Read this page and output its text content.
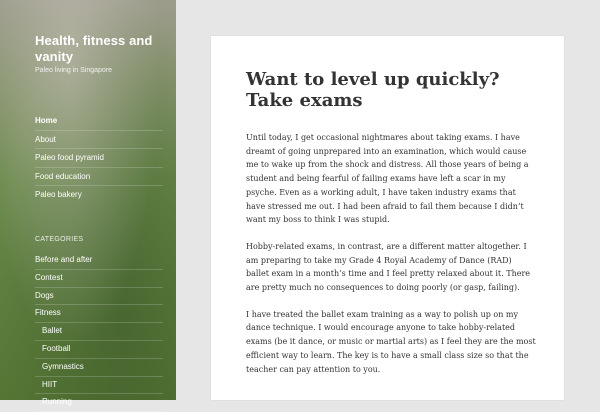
Health, fitness and vanity
Paleo living in Singapore
Home
About
Paleo food pyramid
Food education
Paleo bakery
CATEGORIES
Before and after
Contest
Dogs
Fitness
Ballet
Football
Gymnastics
HIIT
Running
Want to level up quickly? Take exams

Until today, I get occasional nightmares about taking exams. I have dreamt of going unprepared into an examination, which would cause me to wake up from the shock and distress. All those years of being a student and being fearful of failing exams have left a scar in my psyche. Even as a working adult, I have taken industry exams that have stressed me out. I had been afraid to fail them because I didn’t want my boss to think I was stupid.

Hobby-related exams, in contrast, are a different matter altogether. I am preparing to take my Grade 4 Royal Academy of Dance (RAD) ballet exam in a month’s time and I feel pretty relaxed about it. There are pretty much no consequences to doing poorly (or gasp, failing).

I have treated the ballet exam training as a way to polish up on my dance technique. I would encourage anyone to take hobby-related exams (be it dance, or music or martial arts) as I feel they are the most efficient way to learn. The key is to have a small class size so that the teacher can pay attention to you.
